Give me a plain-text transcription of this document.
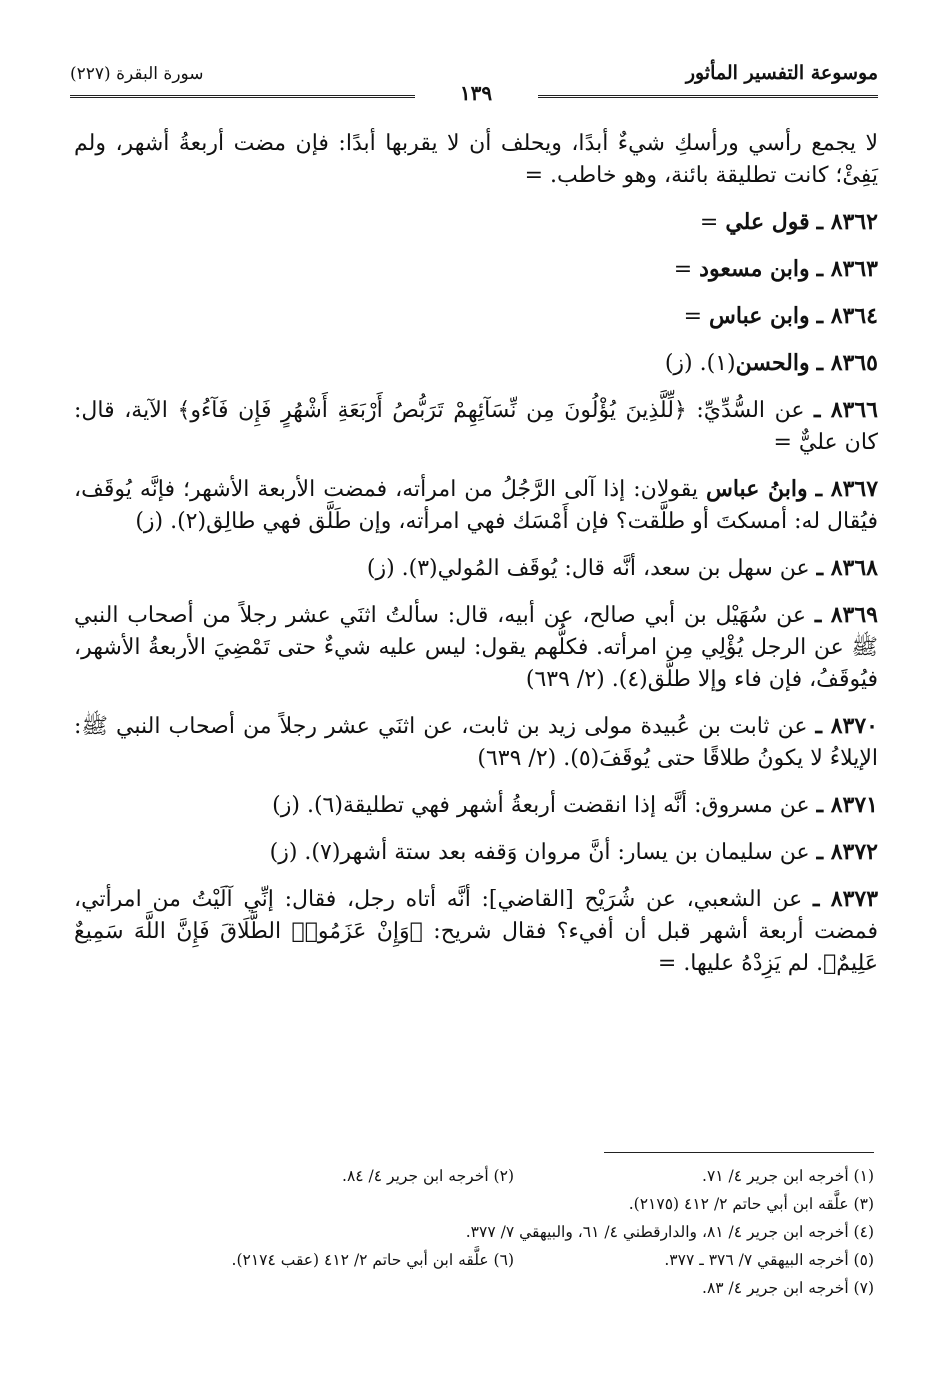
موسوعة التفسير المأثور
١٣٩
سورة البقرة (٢٢٧)

لا يجمع رأسي ورأسكِ شيءٌ أبدًا، ويحلف أن لا يقربها أبدًا: فإن مضت أربعةُ أشهر، ولم يَفِئْ؛ كانت تطليقة بائنة، وهو خاطب. =

٨٣٦٢ ـ قول علي =

٨٣٦٣ ـ وابن مسعود =

٨٣٦٤ ـ وابن عباس =

٨٣٦٥ ـ والحسن(١). (ز)

٨٣٦٦ ـ عن السُّدِّيِّ: ﴿لِّلَّذِينَ يُؤْلُونَ مِن نِّسَآئِهِمْ تَرَبُّصُ أَرْبَعَةِ أَشْهُرٍ فَإِن فَآءُو﴾ الآية، قال: كان عليٌّ =

٨٣٦٧ ـ وابنُ عباس يقولان: إذا آلى الرَّجُلُ من امرأته، فمضت الأربعة الأشهر؛ فإنَّه يُوقَف، فيُقال له: أمسكتَ أو طلَّقت؟ فإن أَمْسَك فهي امرأته، وإن طَلَّق فهي طالِق(٢). (ز)

٨٣٦٨ ـ عن سهل بن سعد، أنَّه قال: يُوقَف المُولي(٣). (ز)

٨٣٦٩ ـ عن سُهَيْل بن أبي صالح، عن أبيه، قال: سألتُ اثنَي عشر رجلاً من أصحاب النبي ﷺ عن الرجل يُؤْلِي مِن امرأته. فكلُّهم يقول: ليس عليه شيءٌ حتى تَمْضِيَ الأربعةُ الأشهر، فيُوقَفُ، فإن فاء وإلا طلَّق(٤). (٢/ ٦٣٩)

٨٣٧٠ ـ عن ثابت بن عُبيدة مولى زيد بن ثابت، عن اثنَي عشر رجلاً من أصحاب النبي ﷺ: الإيلاءُ لا يكونُ طلاقًا حتى يُوقَفَ(٥). (٢/ ٦٣٩)

٨٣٧١ ـ عن مسروق: أنَّه إذا انقضت أربعةُ أشهر فهي تطليقة(٦). (ز)

٨٣٧٢ ـ عن سليمان بن يسار: أنَّ مروان وَقفه بعد ستة أشهر(٧). (ز)

٨٣٧٣ ـ عن الشعبي، عن شُرَيْح [القاضي]: أنَّه أتاه رجل، فقال: إنِّي آلَيْتُ من امرأتي، فمضت أربعة أشهر قبل أن أفيء؟ فقال شريح: ﴿وَإِنْ عَزَمُوا۟ الطَّلَاقَ فَإِنَّ اللَّهَ سَمِيعٌ عَلِيمٌ﴾. لم يَزِدْهُ عليها. =

(١) أخرجه ابن جرير ٤/ ٧١.
(٢) أخرجه ابن جرير ٤/ ٨٤.
(٣) علَّقه ابن أبي حاتم ٢/ ٤١٢ (٢١٧٥).
(٤) أخرجه ابن جرير ٤/ ٨١، والدارقطني ٤/ ٦١، والبيهقي ٧/ ٣٧٧.
(٥) أخرجه البيهقي ٧/ ٣٧٦ ـ ٣٧٧.
(٦) علَّقه ابن أبي حاتم ٢/ ٤١٢ (عقب ٢١٧٤).
(٧) أخرجه ابن جرير ٤/ ٨٣.
